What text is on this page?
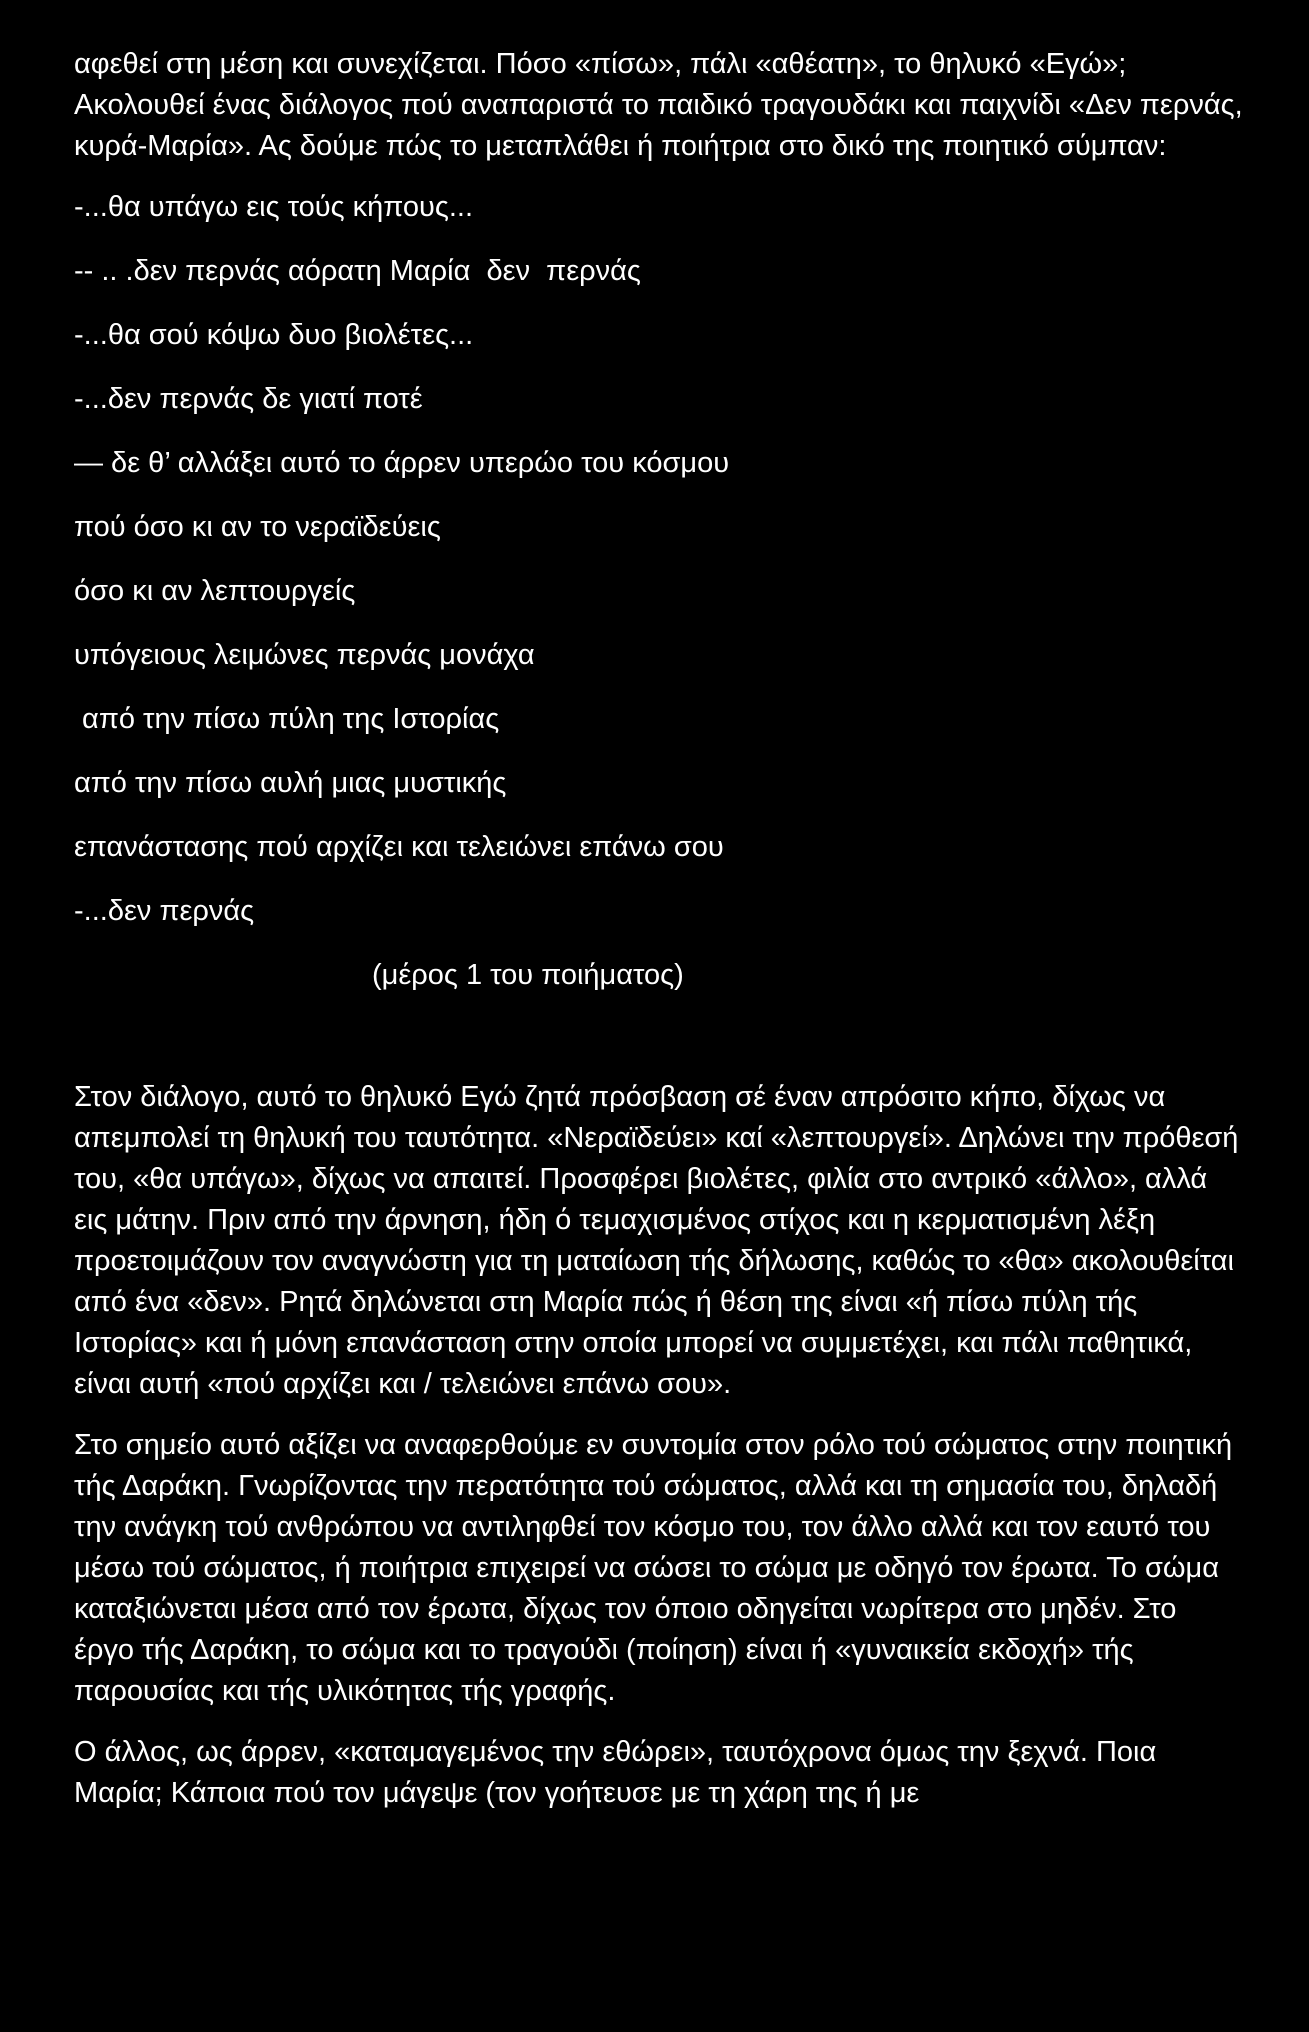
αφεθεί στη μέση και συνεχίζεται. Πόσο «πίσω», πάλι «αθέατη», το θηλυκό «Εγώ»; Ακολουθεί ένας διάλογος πού αναπαριστά το παιδικό τραγουδάκι και παιχνίδι «Δεν περνάς, κυρά-Μαρία». Ας δούμε πώς το μεταπλάθει ή ποιήτρια στο δικό της ποιητικό σύμπαν:

-...θα υπάγω εις τούς κήπους...
-- .. .δεν περνάς αόρατη Μαρία  δεν  περνάς
-...θα σού κόψω δυο βιολέτες...
-...δεν περνάς δε γιατί ποτέ
— δε θ’ αλλάξει αυτό το άρρεν υπερώο του κόσμου
πού όσο κι αν το νεραϊδεύεις
όσο κι αν λεπτουργείς
υπόγειους λειμώνες περνάς μονάχα
από την πίσω πύλη της Ιστορίας
από την πίσω αυλή μιας μυστικής
επανάστασης πού αρχίζει και τελειώνει επάνω σου
-...δεν περνάς

(μέρος 1 του ποιήματος)

Στον διάλογο, αυτό το θηλυκό Εγώ ζητά πρόσβαση σέ έναν απρόσιτο κήπο, δίχως να απεμπολεί τη θηλυκή του ταυτότητα. «Νεραϊδεύει» καί «λεπτουργεί». Δηλώνει την πρόθεσή του, «θα υπάγω», δίχως να απαιτεί. Προσφέρει βιολέτες, φιλία στο αντρικό «άλλο», αλλά εις μάτην. Πριν από την άρνηση, ήδη ό τεμαχισμένος στίχος και η κερματισμένη λέξη προετοιμάζουν τον αναγνώστη για τη ματαίωση τής δήλωσης, καθώς το «θα» ακολουθείται από ένα «δεν». Ρητά δηλώνεται στη Μαρία πώς ή θέση της είναι «ή πίσω πύλη τής Ιστορίας» και ή μόνη επανάσταση στην οποία μπορεί να συμμετέχει, και πάλι παθητικά, είναι αυτή «πού αρχίζει και / τελειώνει επάνω σου».

Στο σημείο αυτό αξίζει να αναφερθούμε εν συντομία στον ρόλο τού σώματος στην ποιητική τής Δαράκη. Γνωρίζοντας την περατότητα τού σώματος, αλλά και τη σημασία του, δηλαδή την ανάγκη τού ανθρώπου να αντιληφθεί τον κόσμο του, τον άλλο αλλά και τον εαυτό του μέσω τού σώματος, ή ποιήτρια επιχειρεί να σώσει το σώμα με οδηγό τον έρωτα. Το σώμα καταξιώνεται μέσα από τον έρωτα, δίχως τον όποιο οδηγείται νωρίτερα στο μηδέν. Στο έργο τής Δαράκη, το σώμα και το τραγούδι (ποίηση) είναι ή «γυναικεία εκδοχή» τής παρουσίας και τής υλικότητας τής γραφής.

Ο άλλος, ως άρρεν, «καταμαγεμένος την εθώρει», ταυτόχρονα όμως την ξεχνά. Ποια Μαρία; Κάποια πού τον μάγεψε (τον γοήτευσε με τη χάρη της ή με
